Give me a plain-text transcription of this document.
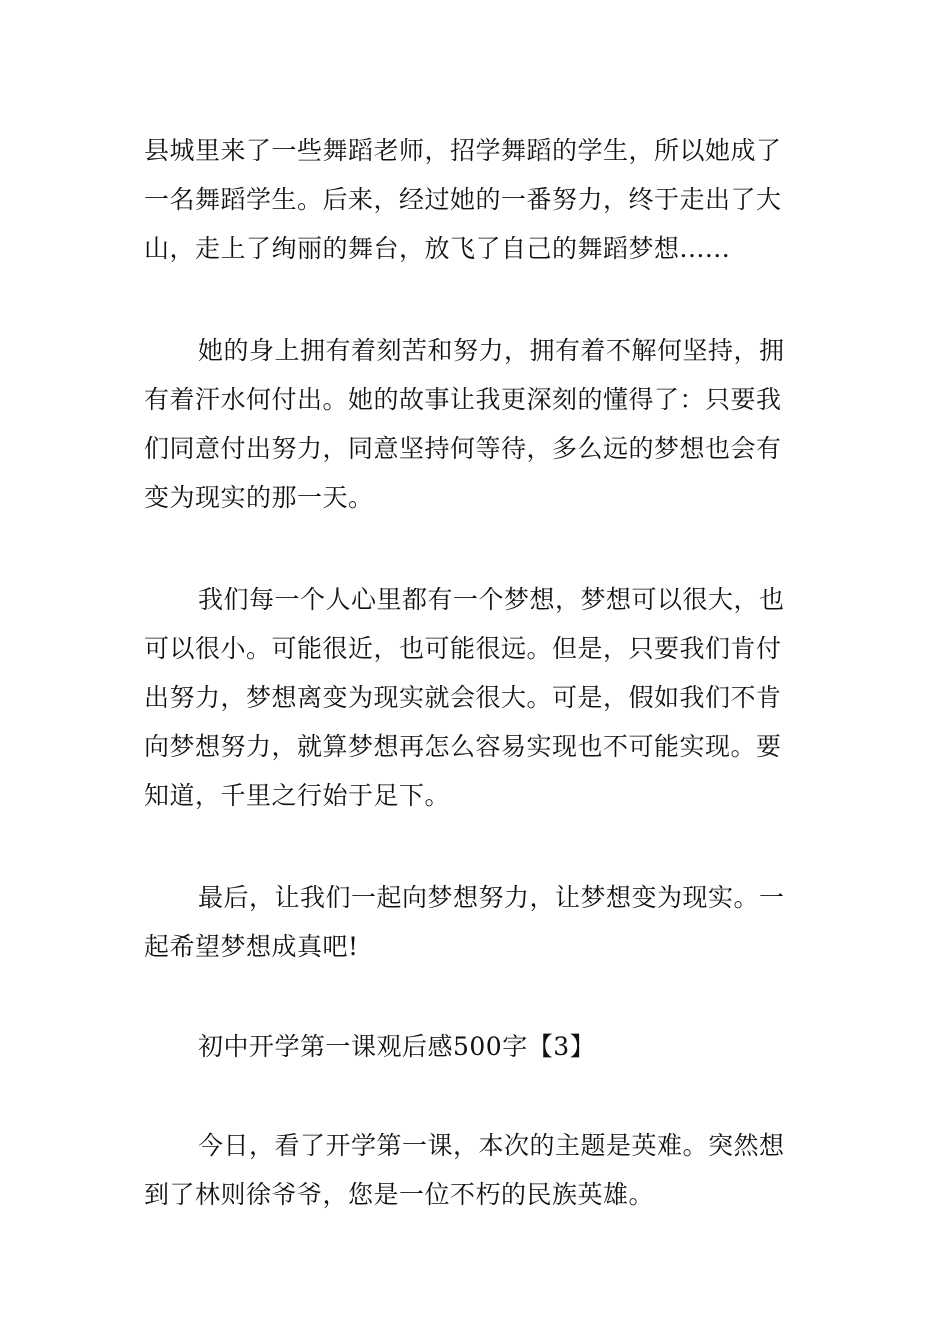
县城里来了一些舞蹈老师，招学舞蹈的学生，所以她成了
一名舞蹈学生。后来，经过她的一番努力，终于走出了大
山，走上了绚丽的舞台，放飞了自己的舞蹈梦想......

她的身上拥有着刻苦和努力，拥有着不解何坚持，拥
有着汗水何付出。她的故事让我更深刻的懂得了：只要我
们同意付出努力，同意坚持何等待，多么远的梦想也会有
变为现实的那一天。

我们每一个人心里都有一个梦想，梦想可以很大，也
可以很小。可能很近，也可能很远。但是，只要我们肯付
出努力，梦想离变为现实就会很大。可是，假如我们不肯
向梦想努力，就算梦想再怎么容易实现也不可能实现。要
知道，千里之行始于足下。

最后，让我们一起向梦想努力，让梦想变为现实。一
起希望梦想成真吧!

初中开学第一课观后感500字【3】

今日，看了开学第一课，本次的主题是英难。突然想
到了林则徐爷爷，您是一位不朽的民族英雄。
